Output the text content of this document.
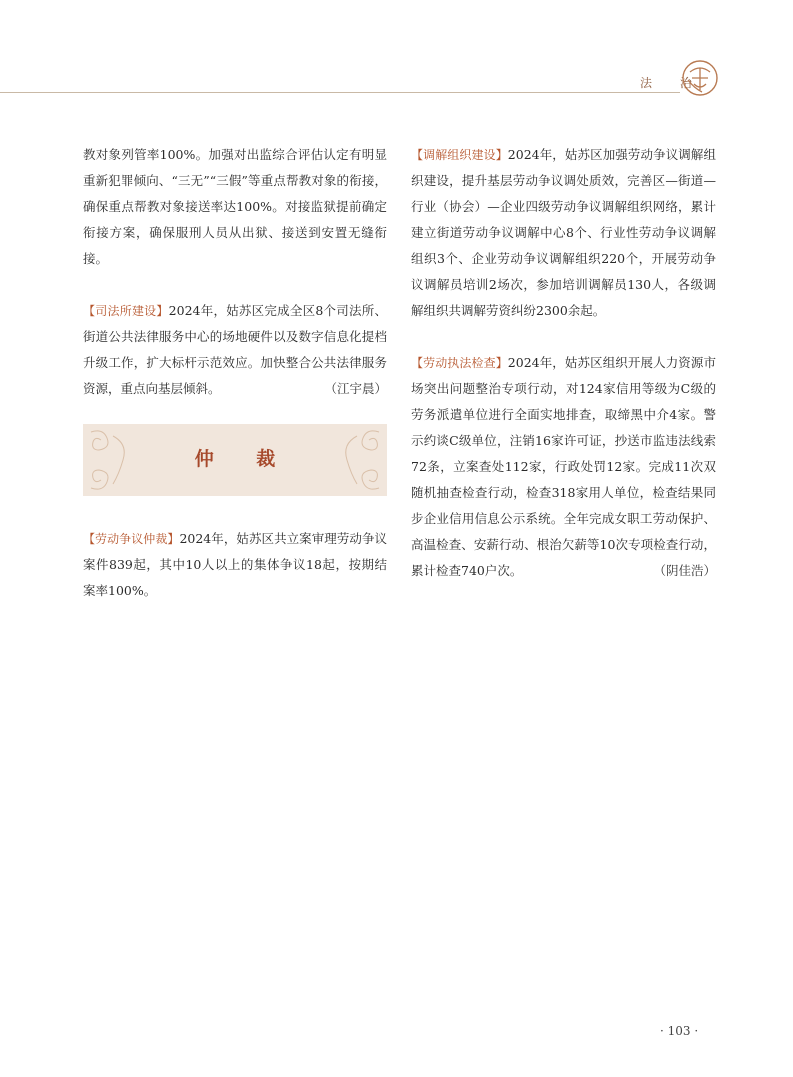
法 治

教对象列管率100%。加强对出监综合评估认定有明显重新犯罪倾向、“三无”“三假”等重点帮教对象的衔接，确保重点帮教对象接送率达100%。对接监狱提前确定衔接方案，确保服刑人员从出狱、接送到安置无缝衔接。

【司法所建设】2024年，姑苏区完成全区8个司法所、街道公共法律服务中心的场地硬件以及数字信息化提档升级工作，扩大标杆示范效应。加快整合公共法律服务资源，重点向基层倾斜。	（江宇晨）

仲 裁

【劳动争议仲裁】2024年，姑苏区共立案审理劳动争议案件839起，其中10人以上的集体争议18起，按期结案率100%。

【调解组织建设】2024年，姑苏区加强劳动争议调解组织建设，提升基层劳动争议调处质效，完善区—街道—行业（协会）—企业四级劳动争议调解组织网络，累计建立街道劳动争议调解中心8个、行业性劳动争议调解组织3个、企业劳动争议调解组织220个，开展劳动争议调解员培训2场次，参加培训调解员130人，各级调解组织共调解劳资纠纷2300余起。

【劳动执法检查】2024年，姑苏区组织开展人力资源市场突出问题整治专项行动，对124家信用等级为C级的劳务派遣单位进行全面实地排查，取缔黑中介4家。警示约谈C级单位，注销16家许可证，抄送市监违法线索72条，立案查处112家，行政处罚12家。完成11次双随机抽查检查行动，检查318家用人单位，检查结果同步企业信用信息公示系统。全年完成女职工劳动保护、高温检查、安薪行动、根治欠薪等10次专项检查行动，累计检查740户次。	（阴佳浩）

· 103 ·
